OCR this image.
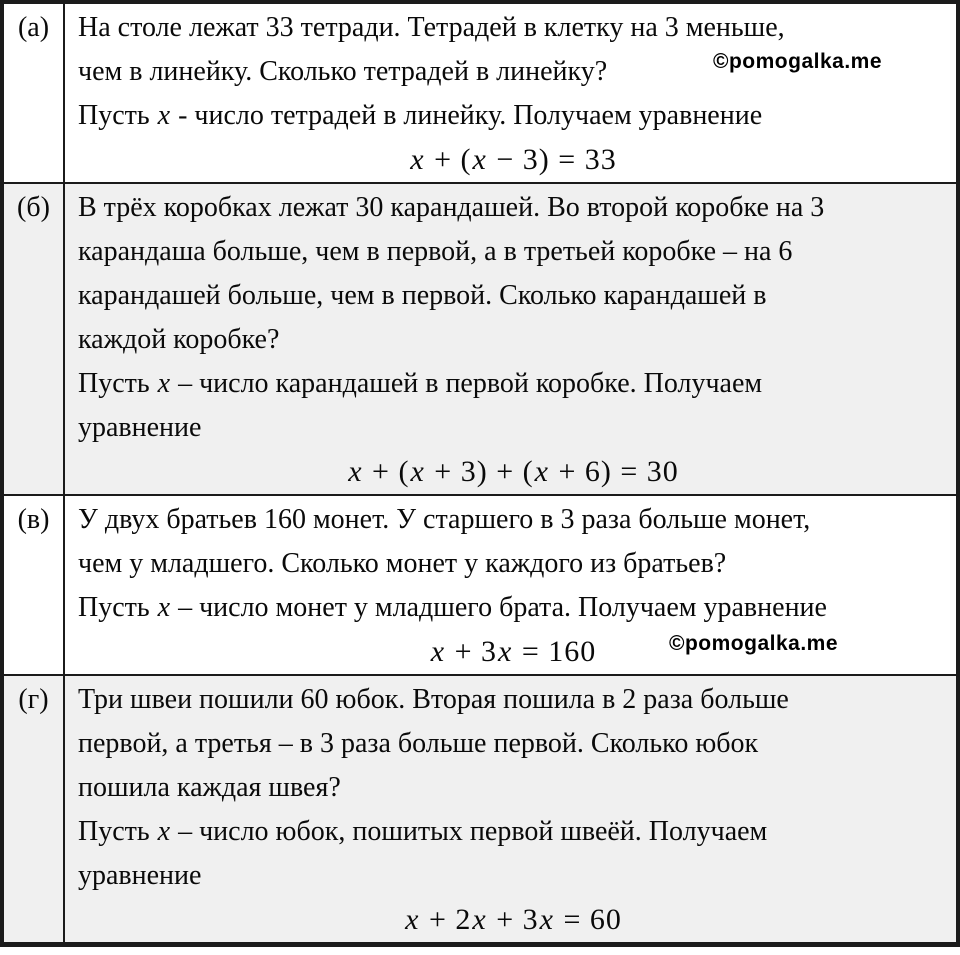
(а)	На столе лежат 33 тетради. Тетрадей в клетку на 3 меньше,
чем в линейку. Сколько тетрадей в линейку?
Пусть x - число тетрадей в линейку. Получаем уравнение
x + (x − 3) = 33
©pomogalka.me
(б)	В трёх коробках лежат 30 карандашей. Во второй коробке на 3
карандаша больше, чем в первой, а в третьей коробке – на 6
карандашей больше, чем в первой. Сколько карандашей в
каждой коробке?
Пусть x – число карандашей в первой коробке. Получаем
уравнение
x + (x + 3) + (x + 6) = 30
(в)	У двух братьев 160 монет. У старшего в 3 раза больше монет,
чем у младшего. Сколько монет у каждого из братьев?
Пусть x – число монет у младшего брата. Получаем уравнение
x + 3x = 160	©pomogalka.me
(г)	Три швеи пошили 60 юбок. Вторая пошила в 2 раза больше
первой, а третья – в 3 раза больше первой. Сколько юбок
пошила каждая швея?
Пусть x – число юбок, пошитых первой швеёй. Получаем
уравнение
x + 2x + 3x = 60
